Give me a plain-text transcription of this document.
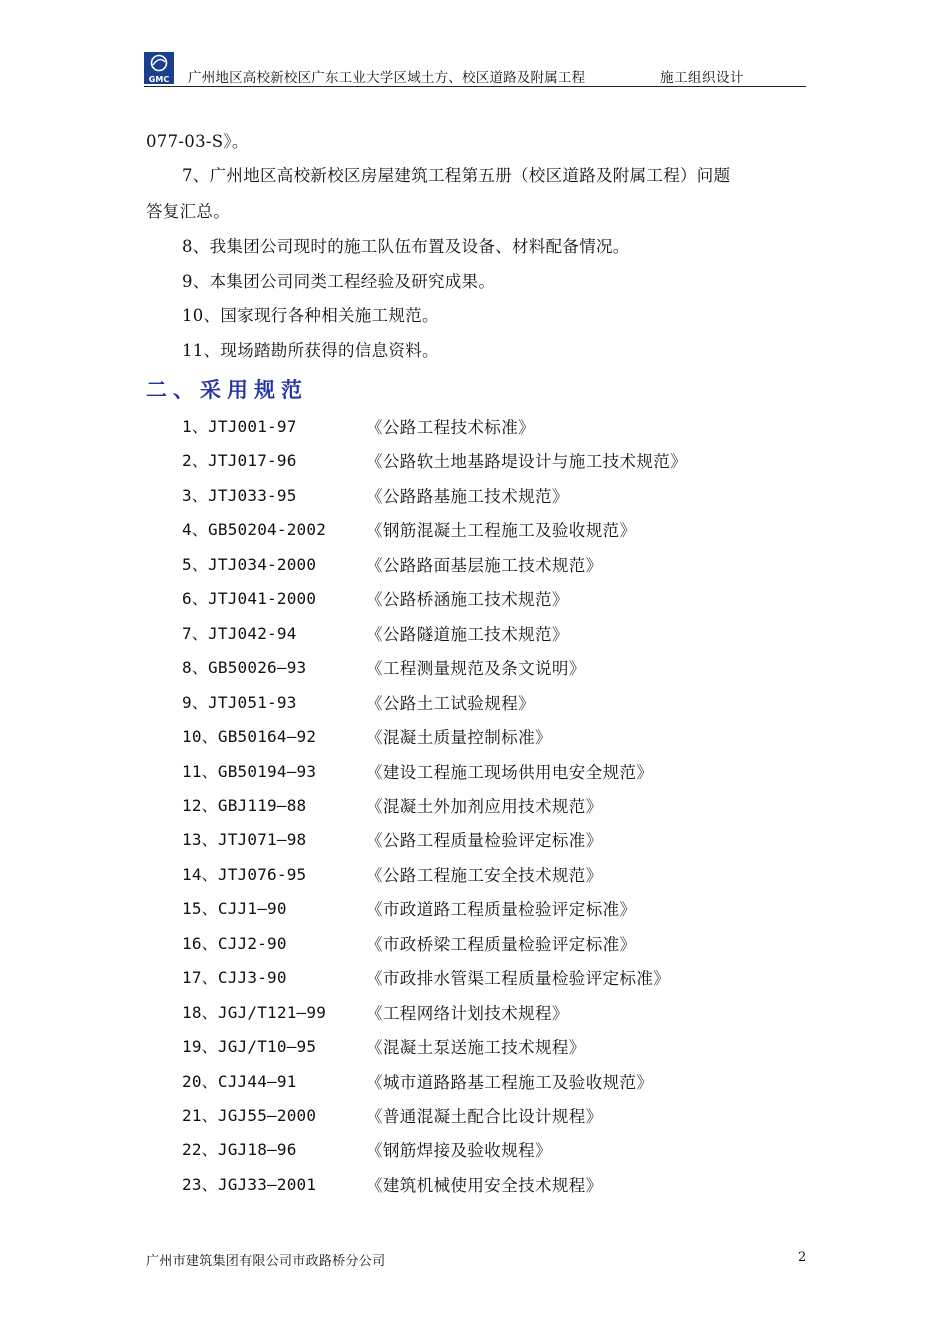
GMC 广州地区高校新校区广东工业大学区域土方、校区道路及附属工程	施工组织设计
077-03-S》。
7、广州地区高校新校区房屋建筑工程第五册（校区道路及附属工程）问题
答复汇总。
8、我集团公司现时的施工队伍布置及设备、材料配备情况。
9、本集团公司同类工程经验及研究成果。
10、国家现行各种相关施工规范。
11、现场踏勘所获得的信息资料。
二、采用规范
1、JTJ001-97	《公路工程技术标准》
2、JTJ017-96	《公路软土地基路堤设计与施工技术规范》
3、JTJ033-95	《公路路基施工技术规范》
4、GB50204-2002 《钢筋混凝土工程施工及验收规范》
5、JTJ034-2000	《公路路面基层施工技术规范》
6、JTJ041-2000	《公路桥涵施工技术规范》
7、JTJ042-94	《公路隧道施工技术规范》
8、GB50026—93	《工程测量规范及条文说明》
9、JTJ051-93	《公路土工试验规程》
10、GB50164—92	《混凝土质量控制标准》
11、GB50194—93	《建设工程施工现场供用电安全规范》
12、GBJ119—88	《混凝土外加剂应用技术规范》
13、JTJ071—98	《公路工程质量检验评定标准》
14、JTJ076-95	《公路工程施工安全技术规范》
15、CJJ1—90	《市政道路工程质量检验评定标准》
16、CJJ2-90	《市政桥梁工程质量检验评定标准》
17、CJJ3-90	《市政排水管渠工程质量检验评定标准》
18、JGJ/T121—99 《工程网络计划技术规程》
19、JGJ/T10—95	《混凝土泵送施工技术规程》
20、CJJ44—91	《城市道路路基工程施工及验收规范》
21、JGJ55—2000	《普通混凝土配合比设计规程》
22、JGJ18—96	《钢筋焊接及验收规程》
23、JGJ33—2001	《建筑机械使用安全技术规程》
广州市建筑集团有限公司市政路桥分公司	2
